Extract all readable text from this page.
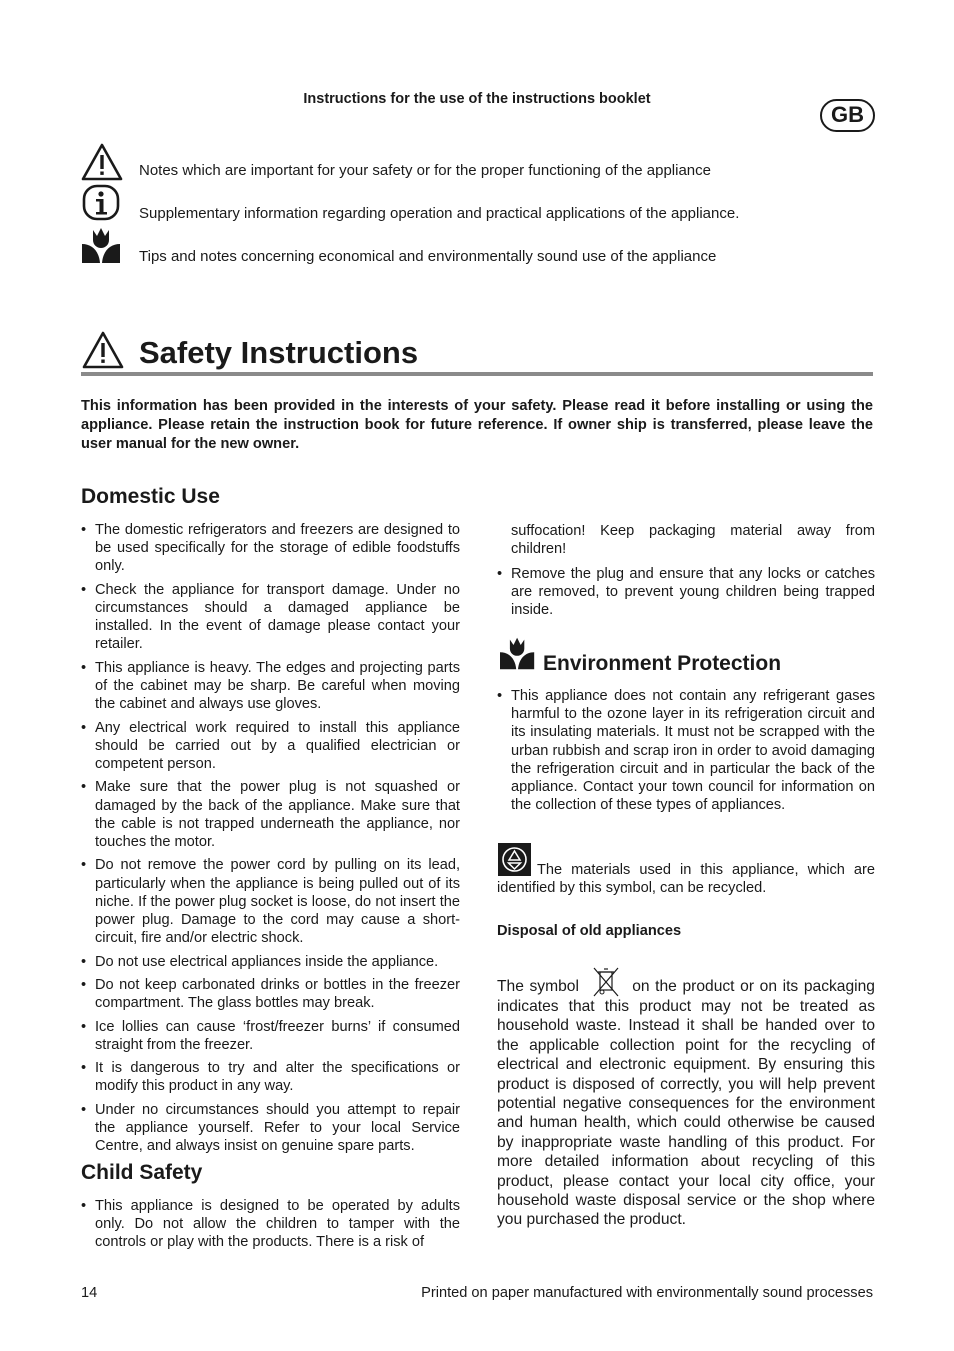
Instructions for the use of the instructions booklet
GB
Notes which are important for your safety or for the proper functioning of the appliance
Supplementary information regarding operation and practical applications of the appliance.
Tips and notes concerning economical and environmentally sound use of the appliance
Safety Instructions
This information has been provided in the interests of your safety. Please read it before installing or using the appliance. Please retain the instruction book for future reference. If owner ship is transferred, please leave the user manual for the new owner.
Domestic Use
• The domestic refrigerators and freezers are designed to be used specifically for the storage of edible foodstuffs only.
• Check the appliance for transport damage. Under no circumstances should a damaged appliance be installed. In the event of damage please contact your retailer.
• This appliance is heavy. The edges and projecting parts of the cabinet may be sharp. Be careful when moving the cabinet and always use gloves.
• Any electrical work required to install this appliance should be carried out by a qualified electrician or competent person.
• Make sure that the power plug is not squashed or damaged by the back of the appliance. Make sure that the cable is not trapped underneath the appliance, nor touches the motor.
• Do not remove the power cord by pulling on its lead, particularly when the appliance is being pulled out of its niche. If the power plug socket is loose, do not insert the power plug. Damage to the cord may cause a short-circuit, fire and/or electric shock.
• Do not use electrical appliances inside the appliance.
• Do not keep carbonated drinks or bottles in the freezer compartment. The glass bottles may break.
• Ice lollies can cause ‘frost/freezer burns’ if consumed straight from the freezer.
• It is dangerous to try and alter the specifications or modify this product in any way.
• Under no circumstances should you attempt to repair the appliance yourself. Refer to your local Service Centre, and always insist on genuine spare parts.
Child Safety
• This appliance is designed to be operated by adults only. Do not allow the children to tamper with the controls or play with the products. There is a risk of
suffocation! Keep packaging material away from children!
• Remove the plug and ensure that any locks or catches are removed, to prevent young children being trapped inside.
Environment Protection
• This appliance does not contain any refrigerant gases harmful to the ozone layer in its refrigeration circuit and its insulating materials. It must not be scrapped with the urban rubbish and scrap iron in order to avoid damaging the refrigeration circuit and in particular the back of the appliance. Contact your town council for information on the collection of these types of appliances.
The materials used in this appliance, which are identified by this symbol, can be recycled.
Disposal of old appliances
The symbol	on the product or on its packaging indicates that this product may not be treated as household waste. Instead it shall be handed over to the applicable collection point for the recycling of electrical and electronic equipment. By ensuring this product is disposed of correctly, you will help prevent potential negative consequences for the environment and human health, which could otherwise be caused by inappropriate waste handling of this product. For more detailed information about recycling of this product, please contact your local city office, your household waste disposal service or the shop where you purchased the product.
14	Printed on paper manufactured with environmentally sound processes
